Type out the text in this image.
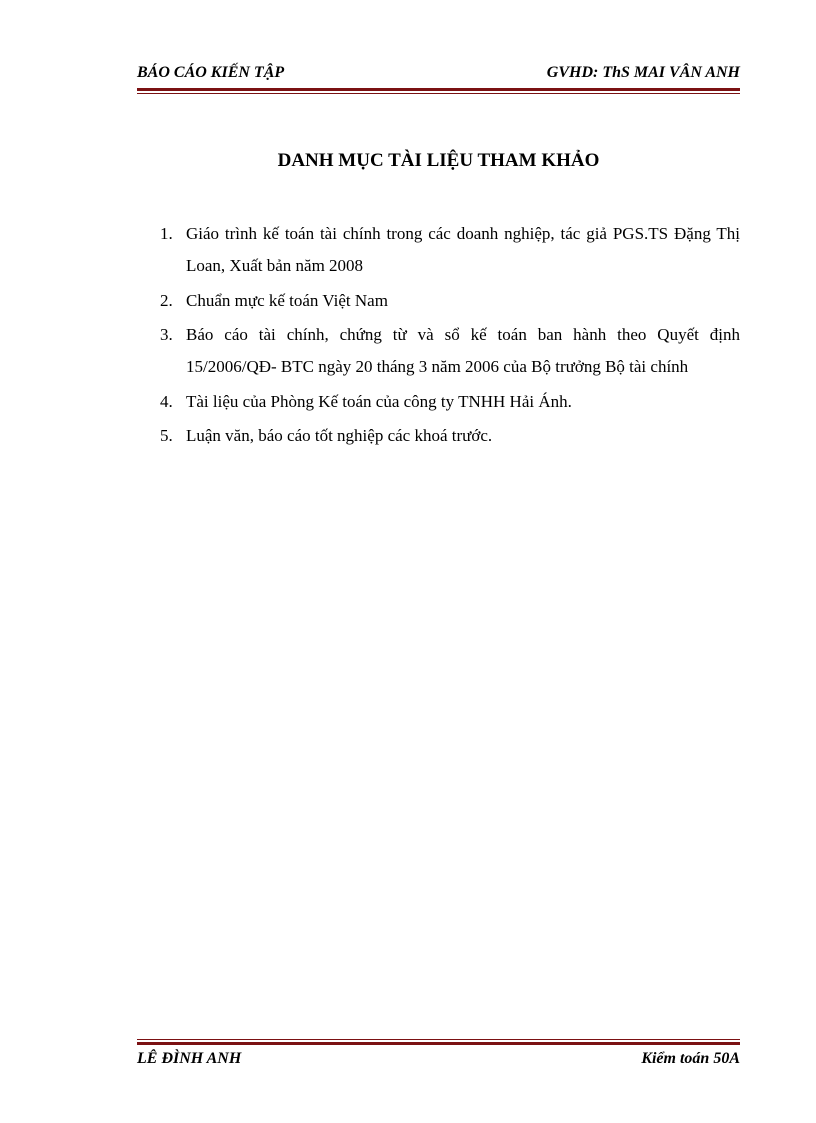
BÁO CÁO KIẾN TẬP	GVHD: ThS MAI VÂN ANH
DANH MỤC TÀI LIỆU THAM KHẢO
1. Giáo trình kế toán tài chính trong các doanh nghiệp, tác giả PGS.TS Đặng Thị Loan, Xuất bản năm 2008
2. Chuẩn mực kế toán Việt Nam
3. Báo cáo tài chính, chứng từ và sổ kế toán ban hành theo Quyết định 15/2006/QĐ- BTC ngày 20 tháng 3 năm 2006 của Bộ trưởng Bộ tài chính
4. Tài liệu của Phòng Kế toán của công ty TNHH Hải Ánh.
5. Luận văn, báo cáo tốt nghiệp các khoá trước.
LÊ ĐÌNH ANH	Kiểm toán 50A
